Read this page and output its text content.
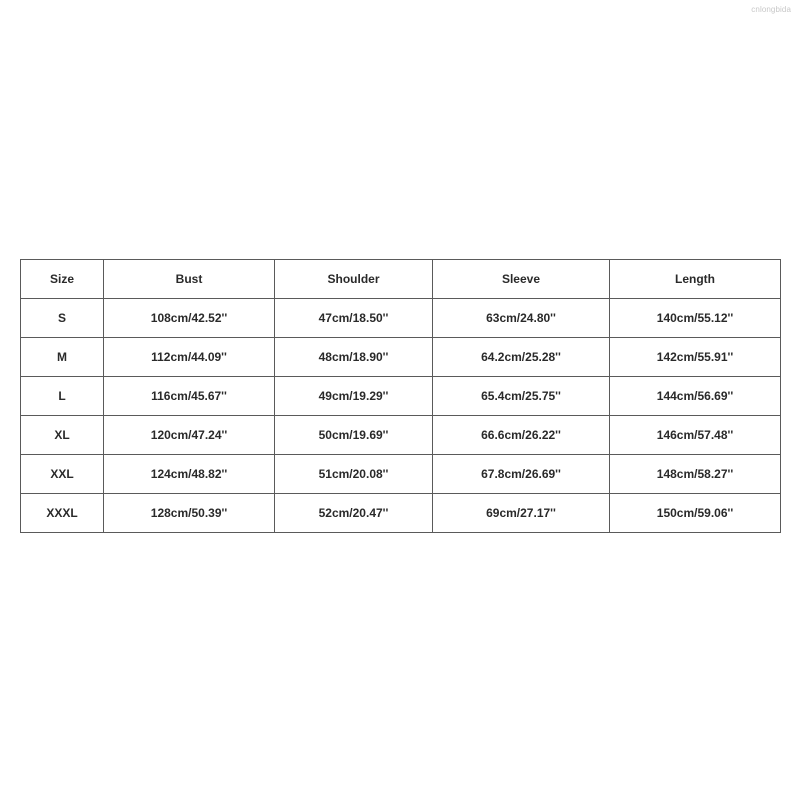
cnlongbida
Size	Bust	Shoulder	Sleeve	Length
S	108cm/42.52''	47cm/18.50''	63cm/24.80''	140cm/55.12''
M	112cm/44.09''	48cm/18.90''	64.2cm/25.28''	142cm/55.91''
L	116cm/45.67''	49cm/19.29''	65.4cm/25.75''	144cm/56.69''
XL	120cm/47.24''	50cm/19.69''	66.6cm/26.22''	146cm/57.48''
XXL	124cm/48.82''	51cm/20.08''	67.8cm/26.69''	148cm/58.27''
XXXL	128cm/50.39''	52cm/20.47''	69cm/27.17''	150cm/59.06''
